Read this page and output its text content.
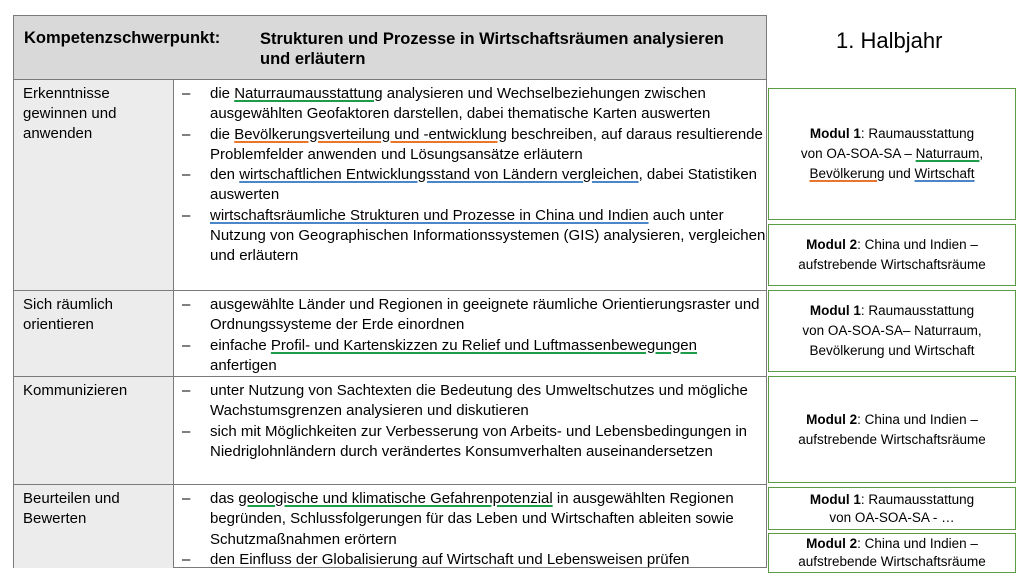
Kompetenzschwerpunkt: Strukturen und Prozesse in Wirtschaftsräumen analysieren und erläutern
Erkenntnisse gewinnen und anwenden
– die Naturraumausstattung analysieren und Wechselbeziehungen zwischen ausgewählten Geofaktoren darstellen, dabei thematische Karten auswerten
– die Bevölkerungsverteilung und -entwicklung beschreiben, auf daraus resultierende Problemfelder anwenden und Lösungsansätze erläutern
– den wirtschaftlichen Entwicklungsstand von Ländern vergleichen, dabei Statistiken auswerten
– wirtschaftsräumliche Strukturen und Prozesse in China und Indien auch unter Nutzung von Geographischen Informationssystemen (GIS) analysieren, vergleichen und erläutern
Sich räumlich orientieren
– ausgewählte Länder und Regionen in geeignete räumliche Orientierungsraster und Ordnungssysteme der Erde einordnen
– einfache Profil- und Kartenskizzen zu Relief und Luftmassenbewegungen anfertigen
Kommunizieren	– unter Nutzung von Sachtexten die Bedeutung des Umweltschutzes und mögliche Wachstumsgrenzen analysieren und diskutieren
– sich mit Möglichkeiten zur Verbesserung von Arbeits- und Lebensbedingungen in Niedriglohnländern durch verändertes Konsumverhalten auseinandersetzen
Beurteilen und Bewerten
– das geologische und klimatische Gefahrenpotenzial in ausgewählten Regionen begründen, Schlussfolgerungen für das Leben und Wirtschaften ableiten sowie Schutzmaßnahmen erörtern
– den Einfluss der Globalisierung auf Wirtschaft und Lebensweisen prüfen
1. Halbjahr
Modul 1: Raumausstattung
von OA-SOA-SA – Naturraum,
Bevölkerung und Wirtschaft
Modul 2: China und Indien –
aufstrebende Wirtschaftsräume
Modul 1: Raumausstattung
von OA-SOA-SA– Naturraum,
Bevölkerung und Wirtschaft
Modul 2: China und Indien –
aufstrebende Wirtschaftsräume
Modul 1: Raumausstattung
von OA-SOA-SA - …
Modul 2: China und Indien –
aufstrebende Wirtschaftsräume
